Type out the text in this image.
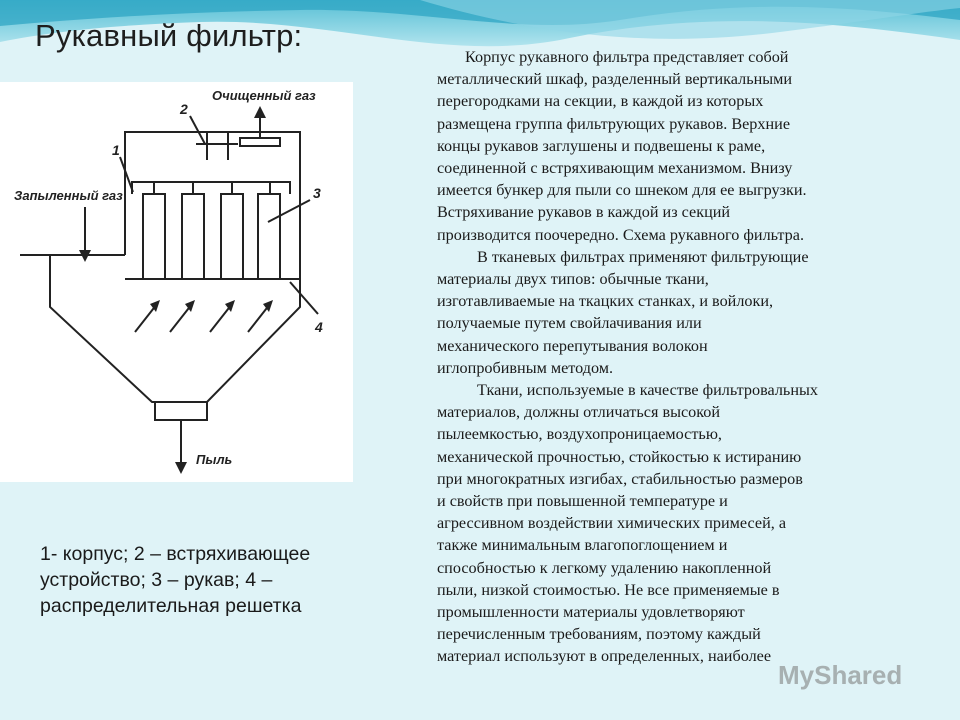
Рукавный фильтр:
Очищенный газ
Запыленный газ
Пыль
1
2
3
4
1- корпус; 2 – встряхивающее устройство; 3 – рукав; 4 – распределительная решетка

Корпус рукавного фильтра представляет собой
металлический шкаф, разделенный вертикальными
перегородками на секции, в каждой из которых
размещена группа фильтрующих рукавов. Верхние
концы рукавов заглушены и подвешены к раме,
соединенной с встряхивающим механизмом. Внизу
имеется бункер для пыли со шнеком для ее выгрузки.
Встряхивание рукавов в каждой из секций
производится поочередно. Схема рукавного фильтра.

В тканевых фильтрах применяют фильтрующие
материалы двух типов: обычные ткани,
изготавливаемые на ткацких станках, и войлоки,
получаемые путем свойлачивания или
механического перепутывания волокон
иглопробивным методом.

Ткани, используемые в качестве фильтровальных
материалов, должны отличаться высокой
пылеемкостью, воздухопроницаемостью,
механической прочностью, стойкостью к истиранию
при многократных изгибах, стабильностью размеров
и свойств при повышенной температуре и
агрессивном воздействии химических примесей, а
также минимальным влагопоглощением и
способностью к легкому удалению накопленной
пыли, низкой стоимостью. Не все применяемые в
промышленности материалы удовлетворяют
перечисленным требованиям, поэтому каждый
материал используют в определенных, наиболее

MyShared
